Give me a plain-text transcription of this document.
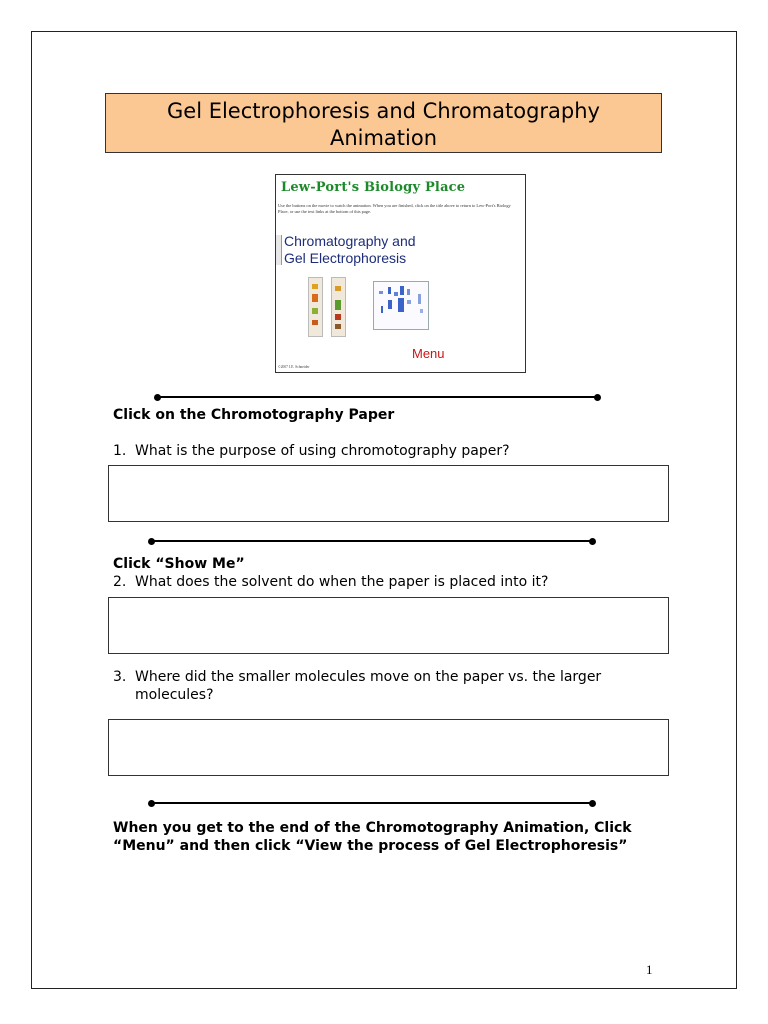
Gel Electrophoresis and Chromatography
Animation
Lew-Port's Biology Place
Use the buttons on the movie to watch the animation. When you are finished, click on the title above to return to Lew-Port's Biology Place, or use the text links at the bottom of this page.
Chromatography and
Gel Electrophoresis
Menu
©2007 J.E. Schneider
Click on the Chromotography Paper
1. What is the purpose of using chromotography paper?
Click “Show Me”
2. What does the solvent do when the paper is placed into it?
3. Where did the smaller molecules move on the paper vs. the larger molecules?
When you get to the end of the Chromotography Animation, Click “Menu” and then click “View the process of Gel Electrophoresis”
1
